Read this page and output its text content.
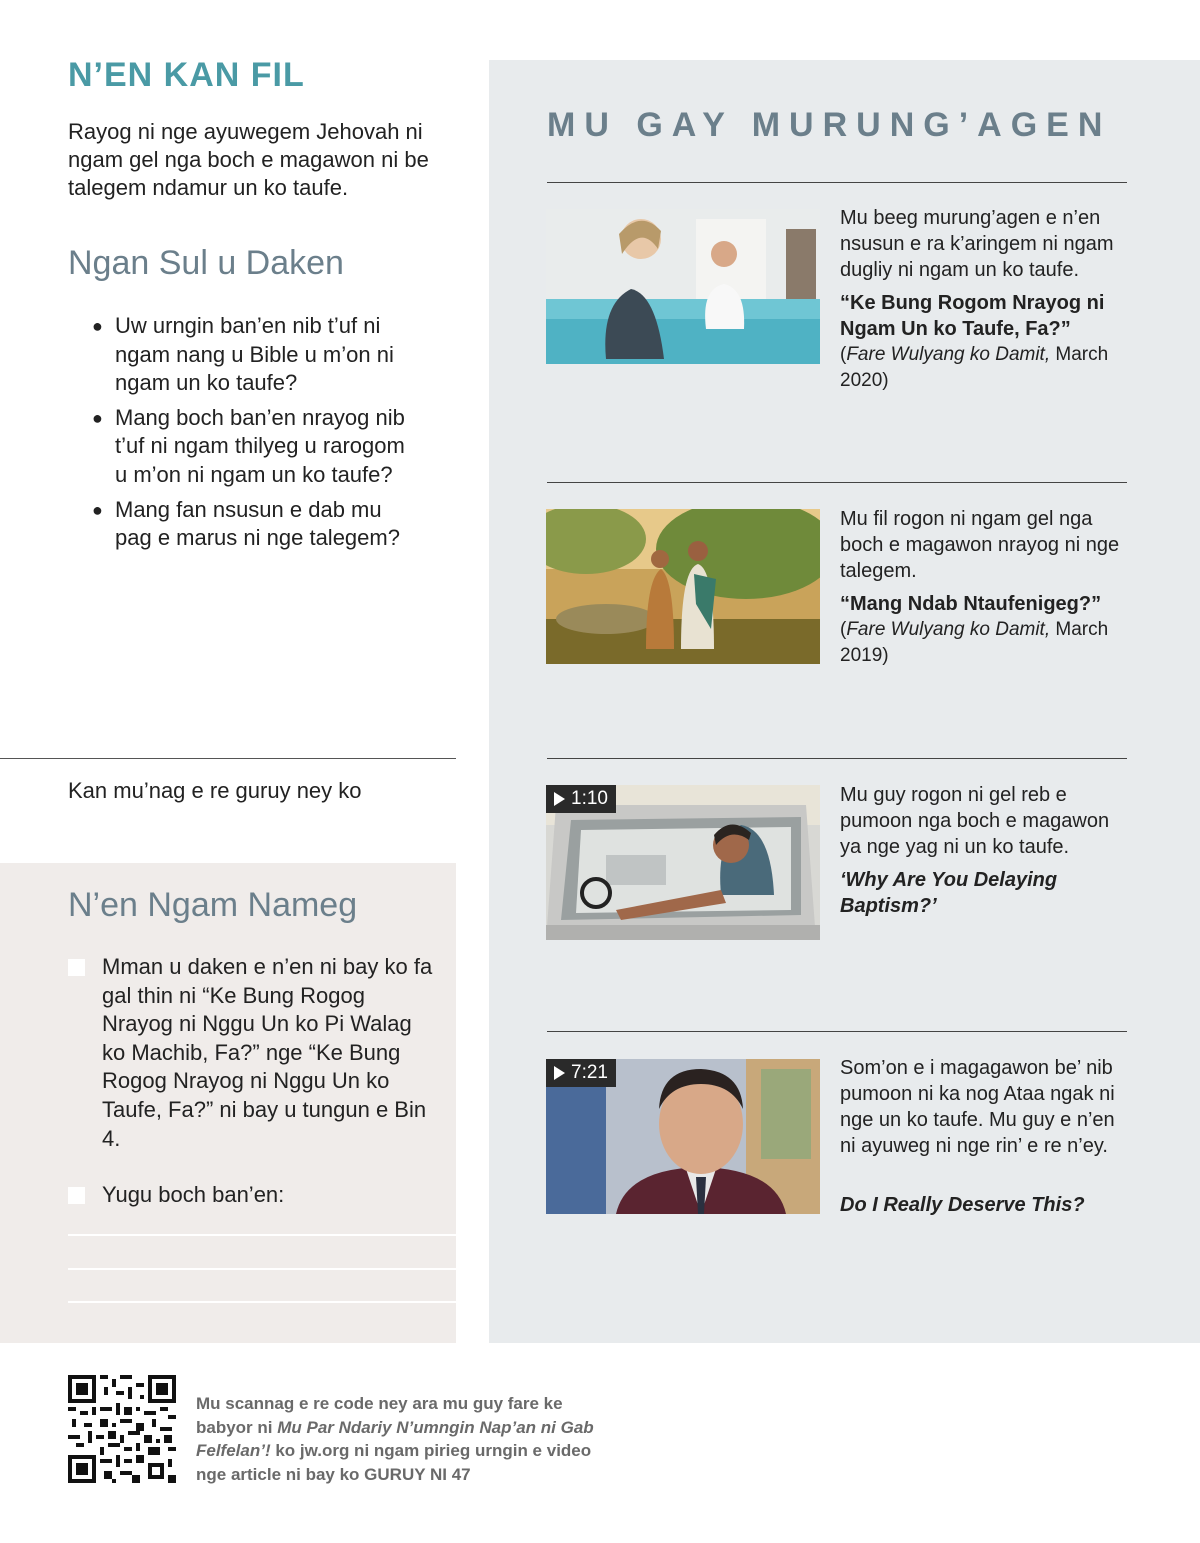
N’EN KAN FIL
Rayog ni nge ayuwegem Jehovah ni ngam gel nga boch e magawon ni be talegem ndamur un ko taufe.
Ngan Sul u Daken
● Uw urngin ban’en nib t’uf ni ngam nang u Bible u m’on ni ngam un ko taufe?
● Mang boch ban’en nrayog nib t’uf ni ngam thilyeg u rarogom u m’on ni ngam un ko taufe?
● Mang fan nsusun e dab mu pag e marus ni nge talegem?
Kan mu’nag e re guruy ney ko
N’en Ngam Nameg
Mman u daken e n’en ni bay ko fa gal thin ni “Ke Bung Rogog Nrayog ni Nggu Un ko Pi Walag ko Machib, Fa?” nge “Ke Bung Rogog Nrayog ni Nggu Un ko Taufe, Fa?” ni bay u tungun e Bin 4.
Yugu boch ban’en:
MU GAY MURUNG’AGEN
Mu beeg murung’agen e n’en nsusun e ra k’aringem ni ngam dugliy ni ngam un ko taufe.
“Ke Bung Rogom Nrayog ni Ngam Un ko Taufe, Fa?”
(Fare Wulyang ko Damit, March 2020)
Mu fil rogon ni ngam gel nga boch e magawon nrayog ni nge talegem.
“Mang Ndab Ntaufenigeg?”
(Fare Wulyang ko Damit, March 2019)
1:10	Mu guy rogon ni gel reb e pumoon nga boch e magawon ya nge yag ni un ko taufe.
‘Why Are You Delaying Baptism?’
7:21	Som’on e i magagawon be’ nib pumoon ni ka nog Ataa ngak ni nge un ko taufe. Mu guy e n’en ni ayuweg ni nge rin’ e re n’ey.
Do I Really Deserve This?
Mu scannag e re code ney ara mu guy fare ke babyor ni Mu Par Ndariy N’umngin Nap’an ni Gab Felfelan’! ko jw.org ni ngam pirieg urngin e video nge article ni bay ko GURUY NI 47
